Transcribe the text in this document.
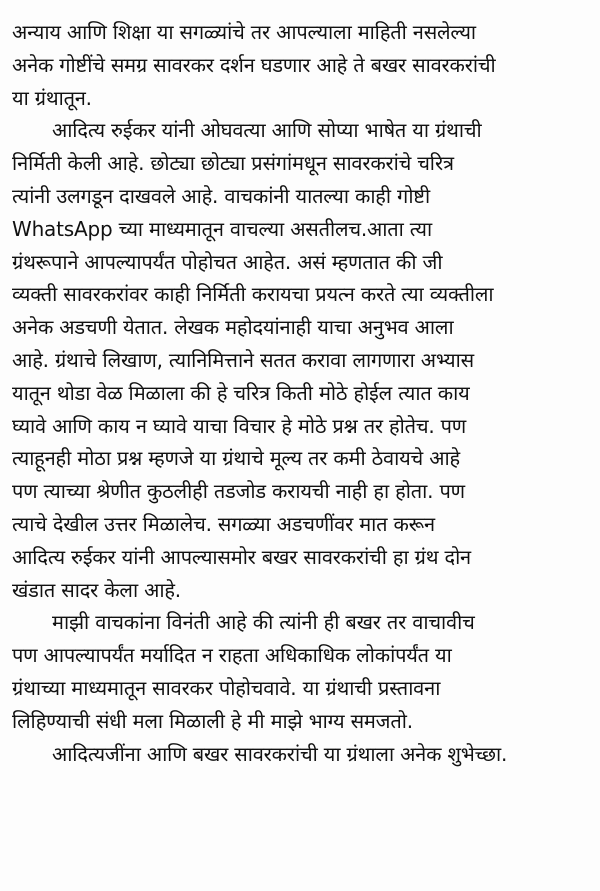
अन्याय आणि शिक्षा या सगळ्यांचे तर आपल्याला माहिती नसलेल्या
अनेक गोष्टींचे समग्र सावरकर दर्शन घडणार आहे ते बखर सावरकरांची
या ग्रंथातून.
आदित्य रुईकर यांनी ओघवत्या आणि सोप्या भाषेत या ग्रंथाची
निर्मिती केली आहे. छोट्या छोट्या प्रसंगांमधून सावरकरांचे चरित्र
त्यांनी उलगडून दाखवले आहे. वाचकांनी यातल्या काही गोष्टी
WhatsApp च्या माध्यमातून वाचल्या असतीलच.आता त्या
ग्रंथरूपाने आपल्यापर्यंत पोहोचत आहेत. असं म्हणतात की जी
व्यक्ती सावरकरांवर काही निर्मिती करायचा प्रयत्न करते त्या व्यक्तीला
अनेक अडचणी येतात. लेखक महोदयांनाही याचा अनुभव आला
आहे. ग्रंथाचे लिखाण, त्यानिमित्ताने सतत करावा लागणारा अभ्यास
यातून थोडा वेळ मिळाला की हे चरित्र किती मोठे होईल त्यात काय
घ्यावे आणि काय न घ्यावे याचा विचार हे मोठे प्रश्न तर होतेच. पण
त्याहूनही मोठा प्रश्न म्हणजे या ग्रंथाचे मूल्य तर कमी ठेवायचे आहे
पण त्याच्या श्रेणीत कुठलीही तडजोड करायची नाही हा होता. पण
त्याचे देखील उत्तर मिळालेच. सगळ्या अडचणींवर मात करून
आदित्य रुईकर यांनी आपल्यासमोर बखर सावरकरांची हा ग्रंथ दोन
खंडात सादर केला आहे.
माझी वाचकांना विनंती आहे की त्यांनी ही बखर तर वाचावीच
पण आपल्यापर्यंत मर्यादित न राहता अधिकाधिक लोकांपर्यंत या
ग्रंथाच्या माध्यमातून सावरकर पोहोचवावे. या ग्रंथाची प्रस्तावना
लिहिण्याची संधी मला मिळाली हे मी माझे भाग्य समजतो.
आदित्यजींना आणि बखर सावरकरांची या ग्रंथाला अनेक शुभेच्छा.
